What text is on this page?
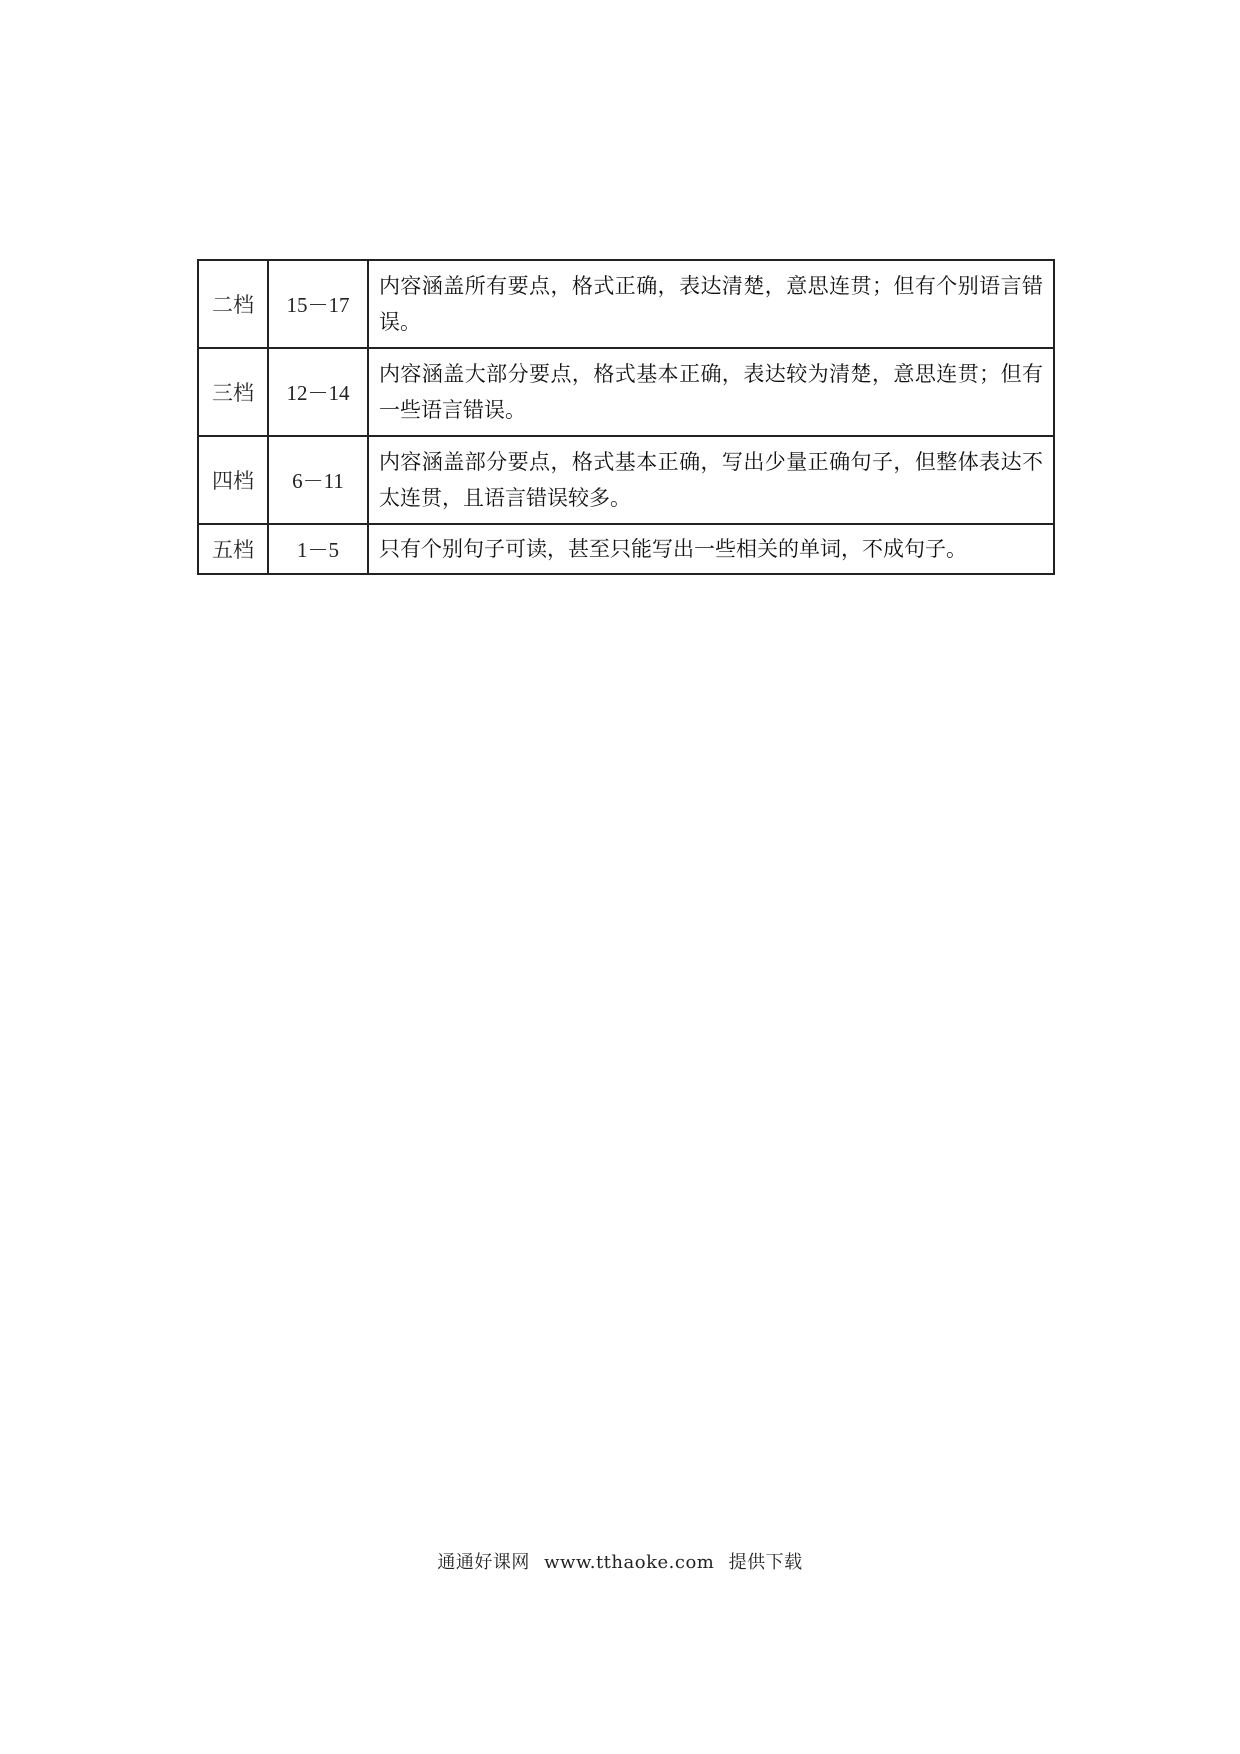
二档	15－17	内容涵盖所有要点，格式正确，表达清楚，意思连贯；但有个别语言错误。
三档	12－14	内容涵盖大部分要点，格式基本正确，表达较为清楚，意思连贯；但有一些语言错误。
四档	6－11	内容涵盖部分要点，格式基本正确，写出少量正确句子，但整体表达不太连贯，且语言错误较多。
五档	1－5	只有个别句子可读，甚至只能写出一些相关的单词，不成句子。
通通好课网 www.tthaoke.com 提供下载
